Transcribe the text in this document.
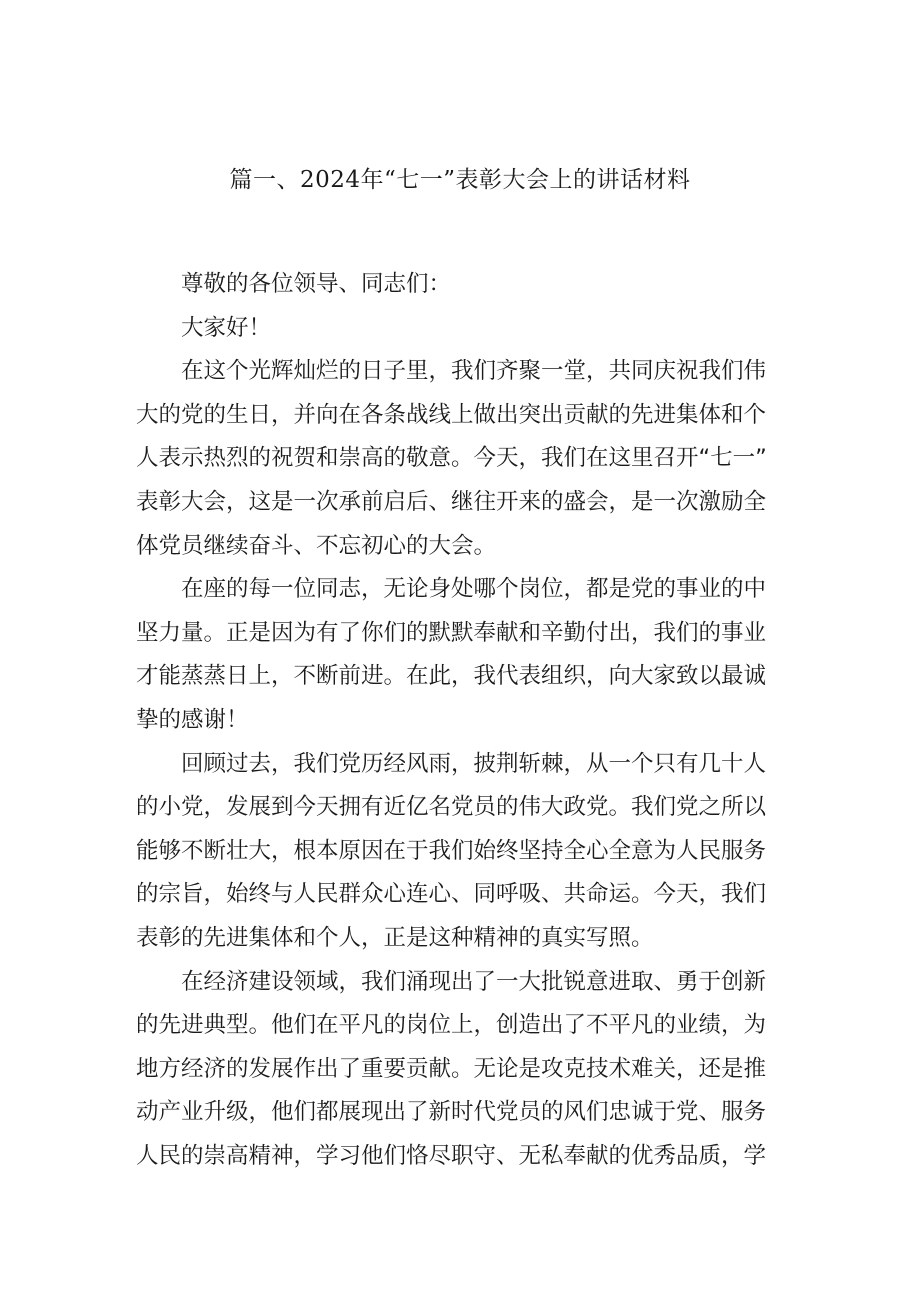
篇一、2024年“七一”表彰大会上的讲话材料
尊敬的各位领导、同志们：
大家好！
在这个光辉灿烂的日子里，我们齐聚一堂，共同庆祝我们伟
大的党的生日，并向在各条战线上做出突出贡献的先进集体和个
人表示热烈的祝贺和崇高的敬意。今天，我们在这里召开“七一”
表彰大会，这是一次承前启后、继往开来的盛会，是一次激励全
体党员继续奋斗、不忘初心的大会。
在座的每一位同志，无论身处哪个岗位，都是党的事业的中
坚力量。正是因为有了你们的默默奉献和辛勤付出，我们的事业
才能蒸蒸日上，不断前进。在此，我代表组织，向大家致以最诚
挚的感谢！
回顾过去，我们党历经风雨，披荆斩棘，从一个只有几十人
的小党，发展到今天拥有近亿名党员的伟大政党。我们党之所以
能够不断壮大，根本原因在于我们始终坚持全心全意为人民服务
的宗旨，始终与人民群众心连心、同呼吸、共命运。今天，我们
表彰的先进集体和个人，正是这种精神的真实写照。
在经济建设领域，我们涌现出了一大批锐意进取、勇于创新
的先进典型。他们在平凡的岗位上，创造出了不平凡的业绩，为
地方经济的发展作出了重要贡献。无论是攻克技术难关，还是推
动产业升级，他们都展现出了新时代党员的风们忠诚于党、服务
人民的崇高精神，学习他们恪尽职守、无私奉献的优秀品质，学
